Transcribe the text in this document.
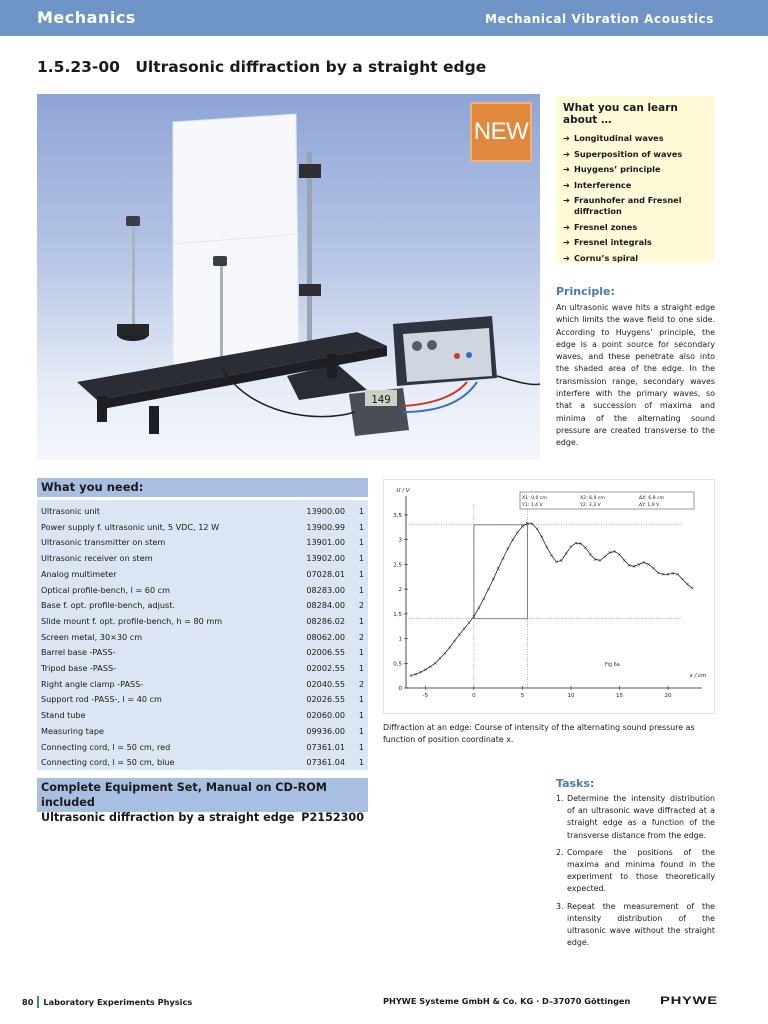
Mechanics	Mechanical Vibration Acoustics
1.5.23-00 Ultrasonic diffraction by a straight edge
149
NEW
What you can learn about …
➔ Longitudinal waves
➔ Superposition of waves
➔ Huygens’ principle
➔ Interference
➔ Fraunhofer and Fresnel diffraction
➔ Fresnel zones
➔ Fresnel integrals
➔ Cornu’s spiral
Principle:
An ultrasonic wave hits a straight edge which limits the wave field to one side. According to Huygens’ principle, the edge is a point source for secondary waves, and these penetrate also into the shaded area of the edge. In the transmission range, secondary waves interfere with the primary waves, so that a succession of maxima and minima of the alternating sound pressure are created transverse to the edge.
What you need:
Ultrasonic unit	13900.00 1
Power supply f. ultrasonic unit, 5 VDC, 12 W	13900.99 1
Ultrasonic transmitter on stem	13901.00 1
Ultrasonic receiver on stem	13902.00 1
Analog multimeter	07028.01 1
Optical profile-bench, l = 60 cm	08283.00 1
Base f. opt. profile-bench, adjust.	08284.00 2
Slide mount f. opt. profile-bench, h = 80 mm	08286.02 1
Screen metal, 30×30 cm	08062.00 2
Barrel base -PASS-	02006.55 1
Tripod base -PASS-	02002.55 1
Right angle clamp -PASS-	02040.55 2
Support rod -PASS-, l = 40 cm	02026.55 1
Stand tube	02060.00 1
Measuring tape	09936.00 1
Connecting cord, l = 50 cm, red	07361.01 1
Connecting cord, l = 50 cm, blue	07361.04 1
Complete Equipment Set, Manual on CD-ROM included
Ultrasonic diffraction by a straight edge P2152300
0
0,5
1
1,5
2
2,5
3
3,5
-5	0	5	10	15	20
U / V
x / cm
X1: 0,0 cm
Y1: 1,4 V
X2: 6,9 cm
Y2: 3,3 V
ΔX: 6,9 cm
ΔY: 1,9 V
Fig 6a
Diffraction at an edge: Course of intensity of the alternating sound pressure as function of position coordinate x.
Tasks:
1. Determine the intensity distribution of an ultrasonic wave diffracted at a straight edge as a function of the transverse distance from the edge.
2. Compare the positions of the maxima and minima found in the experiment to those theoretically expected.
3. Repeat the measurement of the intensity distribution of the ultrasonic wave without the straight edge.
80 Laboratory Experiments Physics	PHYWE Systeme GmbH & Co. KG · D–37070 Göttingen	PHYWE
